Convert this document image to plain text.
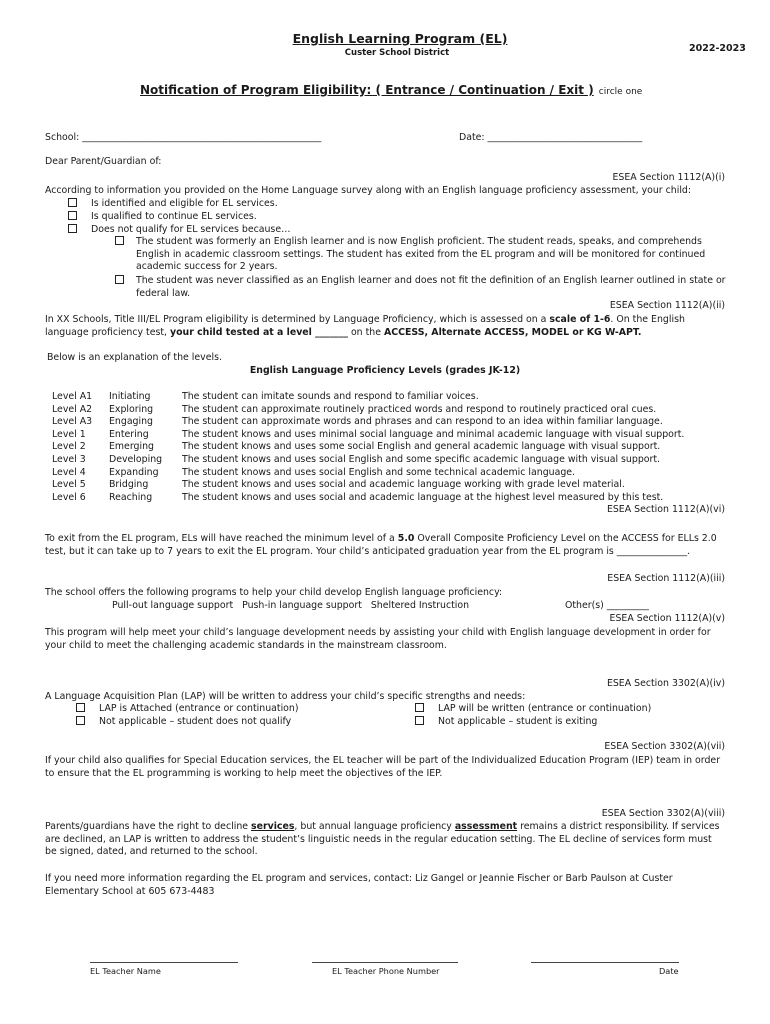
English Learning Program (EL)
Custer School District	2022-2023
Notification of Program Eligibility: ( Entrance / Continuation / Exit ) circle one
School: ___________________________________________________	Date: _________________________________
Dear Parent/Guardian of:
ESEA Section 1112(A)(i)
According to information you provided on the Home Language survey along with an English language proficiency assessment, your child:
Is identified and eligible for EL services.
Is qualified to continue EL services.
Does not qualify for EL services because…
The student was formerly an English learner and is now English proficient. The student reads, speaks, and comprehends English in academic classroom settings. The student has exited from the EL program and will be monitored for continued academic success for 2 years.
The student was never classified as an English learner and does not fit the definition of an English learner outlined in state or federal law.
ESEA Section 1112(A)(ii)
In XX Schools, Title III/EL Program eligibility is determined by Language Proficiency, which is assessed on a scale of 1-6. On the English language proficiency test, your child tested at a level _______ on the ACCESS, Alternate ACCESS, MODEL or KG W-APT.
Below is an explanation of the levels.
English Language Proficiency Levels (grades JK-12)
Level A1 Initiating	The student can imitate sounds and respond to familiar voices.
Level A2 Exploring	The student can approximate routinely practiced words and respond to routinely practiced oral cues.
Level A3 Engaging	The student can approximate words and phrases and can respond to an idea within familiar language.
Level 1 Entering	The student knows and uses minimal social language and minimal academic language with visual support.
Level 2 Emerging	The student knows and uses some social English and general academic language with visual support.
Level 3 Developing The student knows and uses social English and some specific academic language with visual support.
Level 4 Expanding The student knows and uses social English and some technical academic language.
Level 5 Bridging	The student knows and uses social and academic language working with grade level material.
Level 6 Reaching	The student knows and uses social and academic language at the highest level measured by this test.
ESEA Section 1112(A)(vi)
To exit from the EL program, ELs will have reached the minimum level of a 5.0 Overall Composite Proficiency Level on the ACCESS for ELLs 2.0 test, but it can take up to 7 years to exit the EL program. Your child’s anticipated graduation year from the EL program is _______________.
ESEA Section 1112(A)(iii)
The school offers the following programs to help your child develop English language proficiency:
Pull-out language support   Push-in language support   Sheltered Instruction	Other(s) _________
ESEA Section 1112(A)(v)
This program will help meet your child’s language development needs by assisting your child with English language development in order for your child to meet the challenging academic standards in the mainstream classroom.
ESEA Section 3302(A)(iv)
A Language Acquisition Plan (LAP) will be written to address your child’s specific strengths and needs:
LAP is Attached (entrance or continuation)
Not applicable – student does not qualify
LAP will be written (entrance or continuation)
Not applicable – student is exiting
ESEA Section 3302(A)(vii)
If your child also qualifies for Special Education services, the EL teacher will be part of the Individualized Education Program (IEP) team in order to ensure that the EL programming is working to help meet the objectives of the IEP.
ESEA Section 3302(A)(viii)
Parents/guardians have the right to decline services, but annual language proficiency assessment remains a district responsibility. If services are declined, an LAP is written to address the student’s linguistic needs in the regular education setting. The EL decline of services form must be signed, dated, and returned to the school.
If you need more information regarding the EL program and services, contact: Liz Gangel or Jeannie Fischer or Barb Paulson at Custer Elementary School at 605 673-4483
EL Teacher Name	EL Teacher Phone Number	Date
